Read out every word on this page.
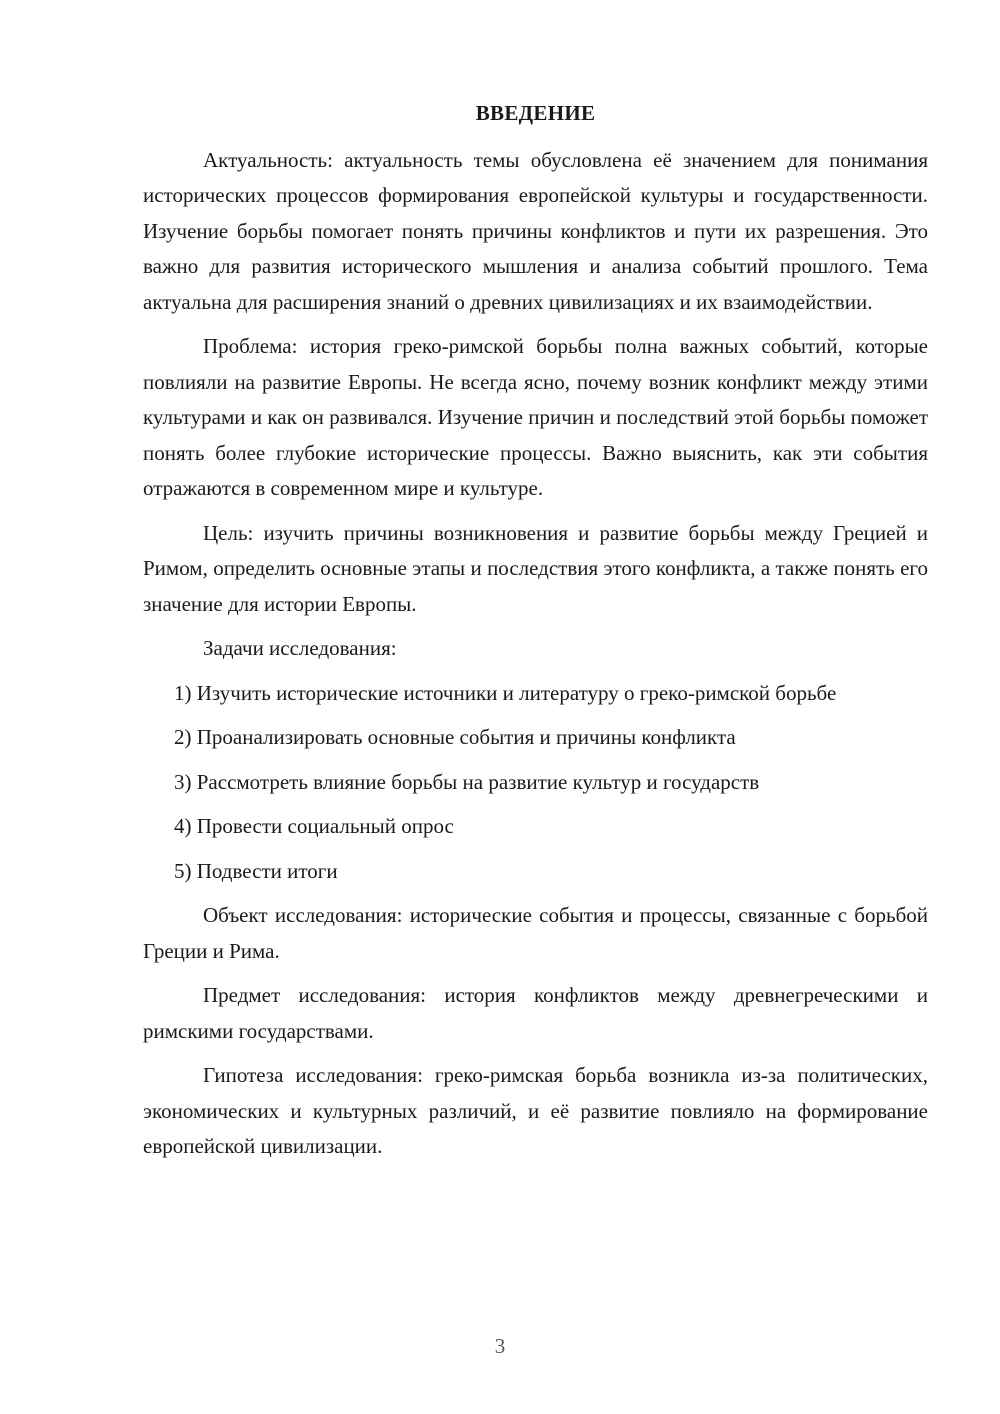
ВВЕДЕНИЕ

Актуальность: актуальность темы обусловлена её значением для понимания исторических процессов формирования европейской культуры и государственности. Изучение борьбы помогает понять причины конфликтов и пути их разрешения. Это важно для развития исторического мышления и анализа событий прошлого. Тема актуальна для расширения знаний о древних цивилизациях и их взаимодействии.

Проблема: история греко-римской борьбы полна важных событий, которые повлияли на развитие Европы. Не всегда ясно, почему возник конфликт между этими культурами и как он развивался. Изучение причин и последствий этой борьбы поможет понять более глубокие исторические процессы. Важно выяснить, как эти события отражаются в современном мире и культуре.

Цель: изучить причины возникновения и развитие борьбы между Грецией и Римом, определить основные этапы и последствия этого конфликта, а также понять его значение для истории Европы.

Задачи исследования:

1) Изучить исторические источники и литературу о греко-римской борьбе

2) Проанализировать основные события и причины конфликта

3) Рассмотреть влияние борьбы на развитие культур и государств

4) Провести социальный опрос

5) Подвести итоги

Объект исследования: исторические события и процессы, связанные с борьбой Греции и Рима.

Предмет исследования: история конфликтов между древнегреческими и римскими государствами.

Гипотеза исследования: греко-римская борьба возникла из-за политических, экономических и культурных различий, и её развитие повлияло на формирование европейской цивилизации.

3
